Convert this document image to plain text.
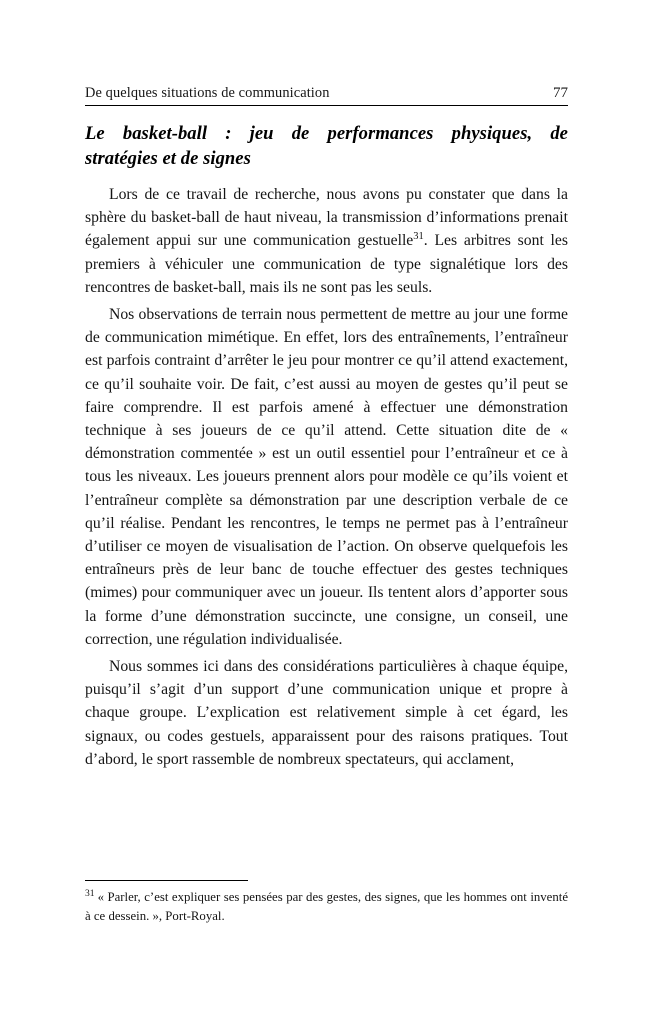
De quelques situations de communication	77
Le basket-ball : jeu de performances physiques, de
stratégies et de signes

Lors de ce travail de recherche, nous avons pu constater que dans la sphère du basket-ball de haut niveau, la transmission d’informations prenait également appui sur une communication gestuelle$^{31}$. Les arbitres sont les premiers à véhiculer une communication de type signalétique lors des rencontres de basket-ball, mais ils ne sont pas les seuls.

Nos observations de terrain nous permettent de mettre au jour une forme de communication mimétique. En effet, lors des entraînements, l’entraîneur est parfois contraint d’arrêter le jeu pour montrer ce qu’il attend exactement, ce qu’il souhaite voir. De fait, c’est aussi au moyen de gestes qu’il peut se faire comprendre. Il est parfois amené à effectuer une démonstration technique à ses joueurs de ce qu’il attend. Cette situation dite de « démonstration commentée » est un outil essentiel pour l’entraîneur et ce à tous les niveaux. Les joueurs prennent alors pour modèle ce qu’ils voient et l’entraîneur complète sa démonstration par une description verbale de ce qu’il réalise. Pendant les rencontres, le temps ne permet pas à l’entraîneur d’utiliser ce moyen de visualisation de l’action. On observe quelquefois les entraîneurs près de leur banc de touche effectuer des gestes techniques (mimes) pour communiquer avec un joueur. Ils tentent alors d’apporter sous la forme d’une démonstration succincte, une consigne, un conseil, une correction, une régulation individualisée.

Nous sommes ici dans des considérations particulières à chaque équipe, puisqu’il s’agit d’un support d’une communication unique et propre à chaque groupe. L’explication est relativement simple à cet égard, les signaux, ou codes gestuels, apparaissent pour des raisons pratiques. Tout d’abord, le sport rassemble de nombreux spectateurs, qui acclament,

$^{31}$ « Parler, c’est expliquer ses pensées par des gestes, des signes, que les hommes ont inventé à ce dessein. », Port-Royal.
